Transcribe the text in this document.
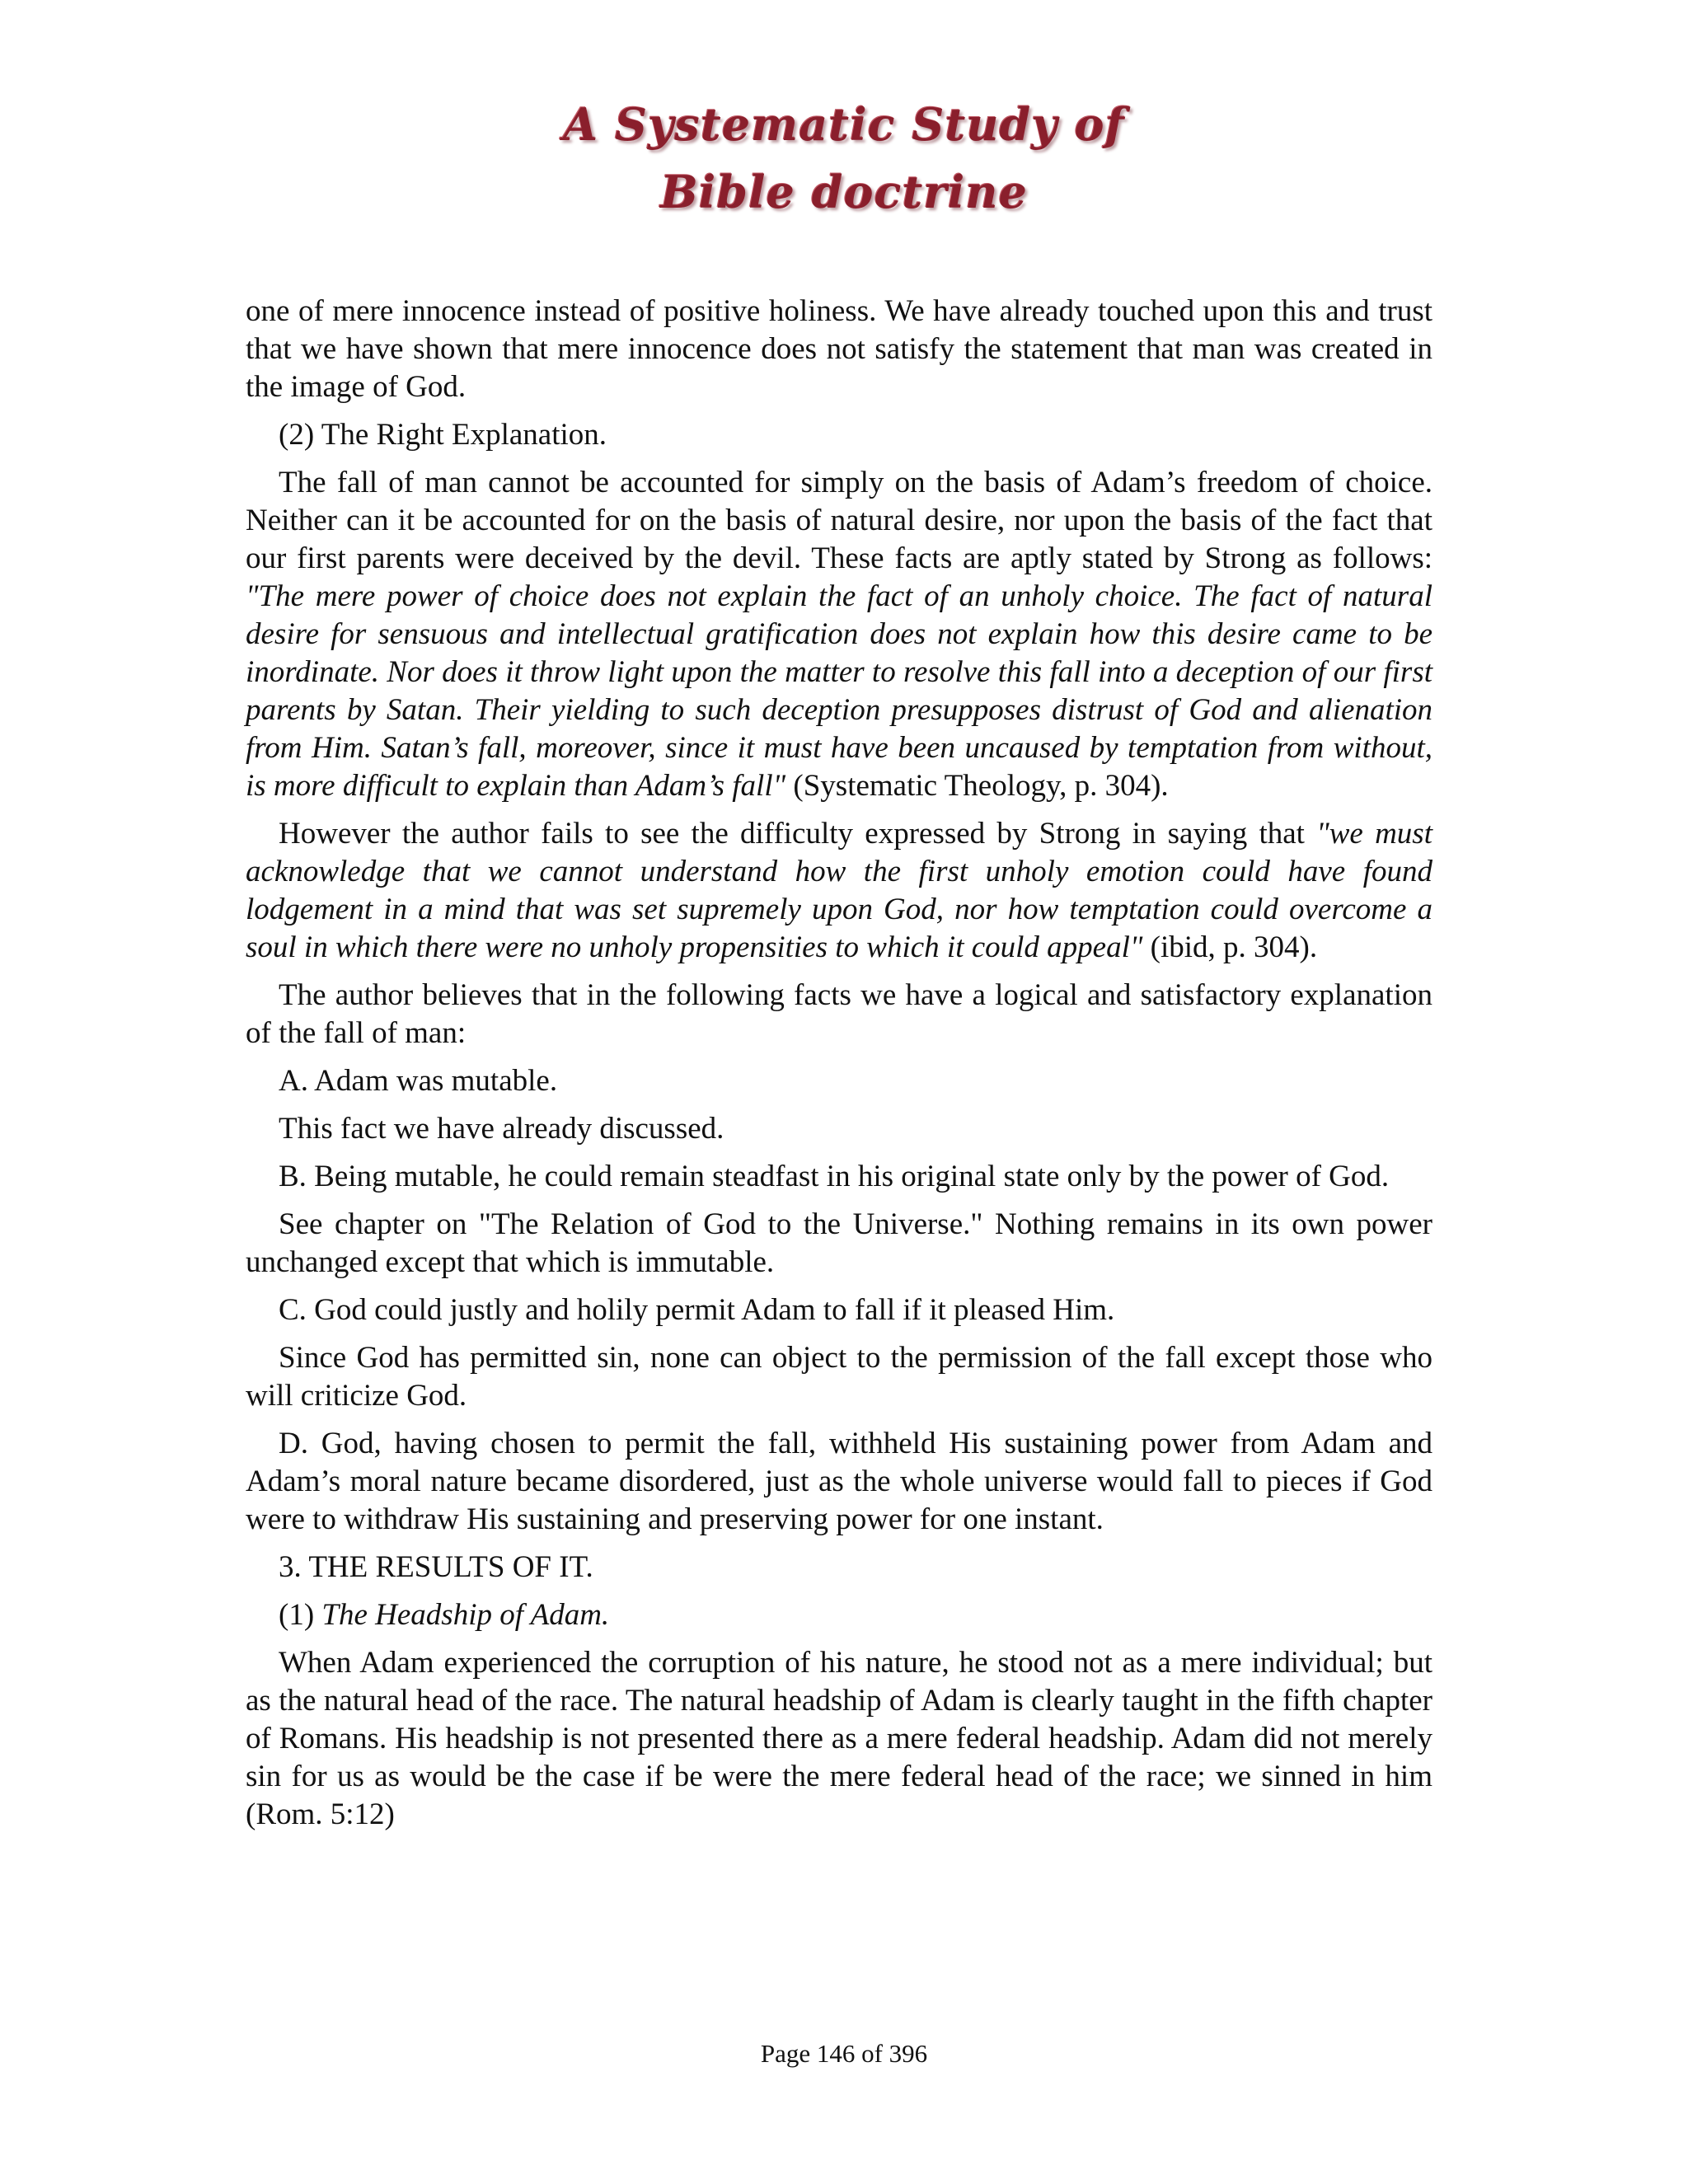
A Systematic Study of
Bible doctrine

one of mere innocence instead of positive holiness. We have already touched upon this and trust that we have shown that mere innocence does not satisfy the statement that man was created in the image of God.

(2) The Right Explanation.

The fall of man cannot be accounted for simply on the basis of Adam’s freedom of choice. Neither can it be accounted for on the basis of natural desire, nor upon the basis of the fact that our first parents were deceived by the devil. These facts are aptly stated by Strong as follows: "The mere power of choice does not explain the fact of an unholy choice. The fact of natural desire for sensuous and intellectual gratification does not explain how this desire came to be inordinate. Nor does it throw light upon the matter to resolve this fall into a deception of our first parents by Satan. Their yielding to such deception presupposes distrust of God and alienation from Him. Satan’s fall, moreover, since it must have been uncaused by temptation from without, is more difficult to explain than Adam’s fall" (Systematic Theology, p. 304).

However the author fails to see the difficulty expressed by Strong in saying that "we must acknowledge that we cannot understand how the first unholy emotion could have found lodgement in a mind that was set supremely upon God, nor how temptation could overcome a soul in which there were no unholy propensities to which it could appeal" (ibid, p. 304).

The author believes that in the following facts we have a logical and satisfactory explanation of the fall of man:

A. Adam was mutable.

This fact we have already discussed.

B. Being mutable, he could remain steadfast in his original state only by the power of God.

See chapter on "The Relation of God to the Universe." Nothing remains in its own power unchanged except that which is immutable.

C. God could justly and holily permit Adam to fall if it pleased Him.

Since God has permitted sin, none can object to the permission of the fall except those who will criticize God.

D. God, having chosen to permit the fall, withheld His sustaining power from Adam and Adam’s moral nature became disordered, just as the whole universe would fall to pieces if God were to withdraw His sustaining and preserving power for one instant.

3. THE RESULTS OF IT.

(1) The Headship of Adam.

When Adam experienced the corruption of his nature, he stood not as a mere individual; but as the natural head of the race. The natural headship of Adam is clearly taught in the fifth chapter of Romans. His headship is not presented there as a mere federal headship. Adam did not merely sin for us as would be the case if be were the mere federal head of the race; we sinned in him (Rom. 5:12)

Page 146 of 396
